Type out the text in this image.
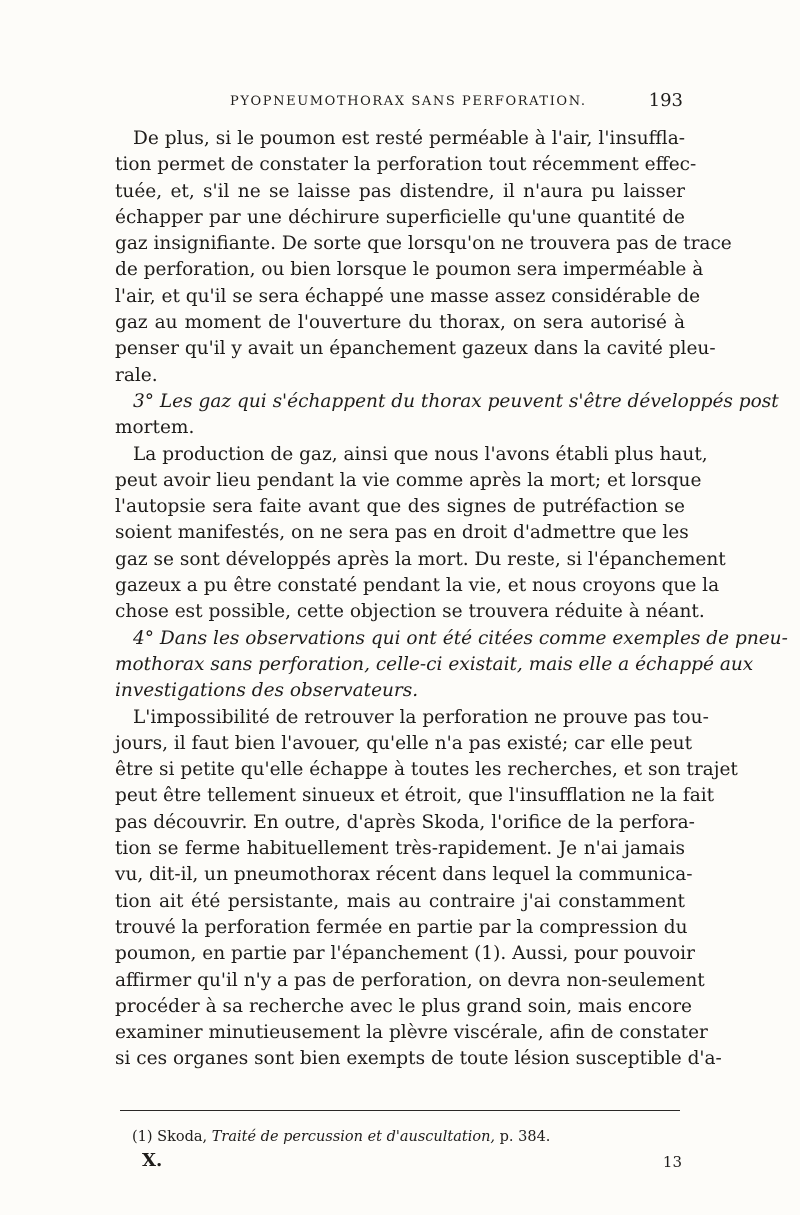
PYOPNEUMOTHORAX SANS PERFORATION.	193
De plus, si le poumon est resté perméable à l'air, l'insuffla-
tion permet de constater la perforation tout récemment effec-
tuée, et, s'il ne se laisse pas distendre, il n'aura pu laisser
échapper par une déchirure superficielle qu'une quantité de
gaz insignifiante. De sorte que lorsqu'on ne trouvera pas de trace
de perforation, ou bien lorsque le poumon sera imperméable à
l'air, et qu'il se sera échappé une masse assez considérable de
gaz au moment de l'ouverture du thorax, on sera autorisé à
penser qu'il y avait un épanchement gazeux dans la cavité pleu-
rale.
3° Les gaz qui s'échappent du thorax peuvent s'être développés post
mortem.
La production de gaz, ainsi que nous l'avons établi plus haut,
peut avoir lieu pendant la vie comme après la mort; et lorsque
l'autopsie sera faite avant que des signes de putréfaction se
soient manifestés, on ne sera pas en droit d'admettre que les
gaz se sont développés après la mort. Du reste, si l'épanchement
gazeux a pu être constaté pendant la vie, et nous croyons que la
chose est possible, cette objection se trouvera réduite à néant.
4° Dans les observations qui ont été citées comme exemples de pneu-
mothorax sans perforation, celle-ci existait, mais elle a échappé aux
investigations des observateurs.
L'impossibilité de retrouver la perforation ne prouve pas tou-
jours, il faut bien l'avouer, qu'elle n'a pas existé; car elle peut
être si petite qu'elle échappe à toutes les recherches, et son trajet
peut être tellement sinueux et étroit, que l'insufflation ne la fait
pas découvrir. En outre, d'après Skoda, l'orifice de la perfora-
tion se ferme habituellement très-rapidement. Je n'ai jamais
vu, dit-il, un pneumothorax récent dans lequel la communica-
tion ait été persistante, mais au contraire j'ai constamment
trouvé la perforation fermée en partie par la compression du
poumon, en partie par l'épanchement (1). Aussi, pour pouvoir
affirmer qu'il n'y a pas de perforation, on devra non-seulement
procéder à sa recherche avec le plus grand soin, mais encore
examiner minutieusement la plèvre viscérale, afin de constater
si ces organes sont bien exempts de toute lésion susceptible d'a-
(1) Skoda, Traité de percussion et d'auscultation, p. 384.
X.	13
